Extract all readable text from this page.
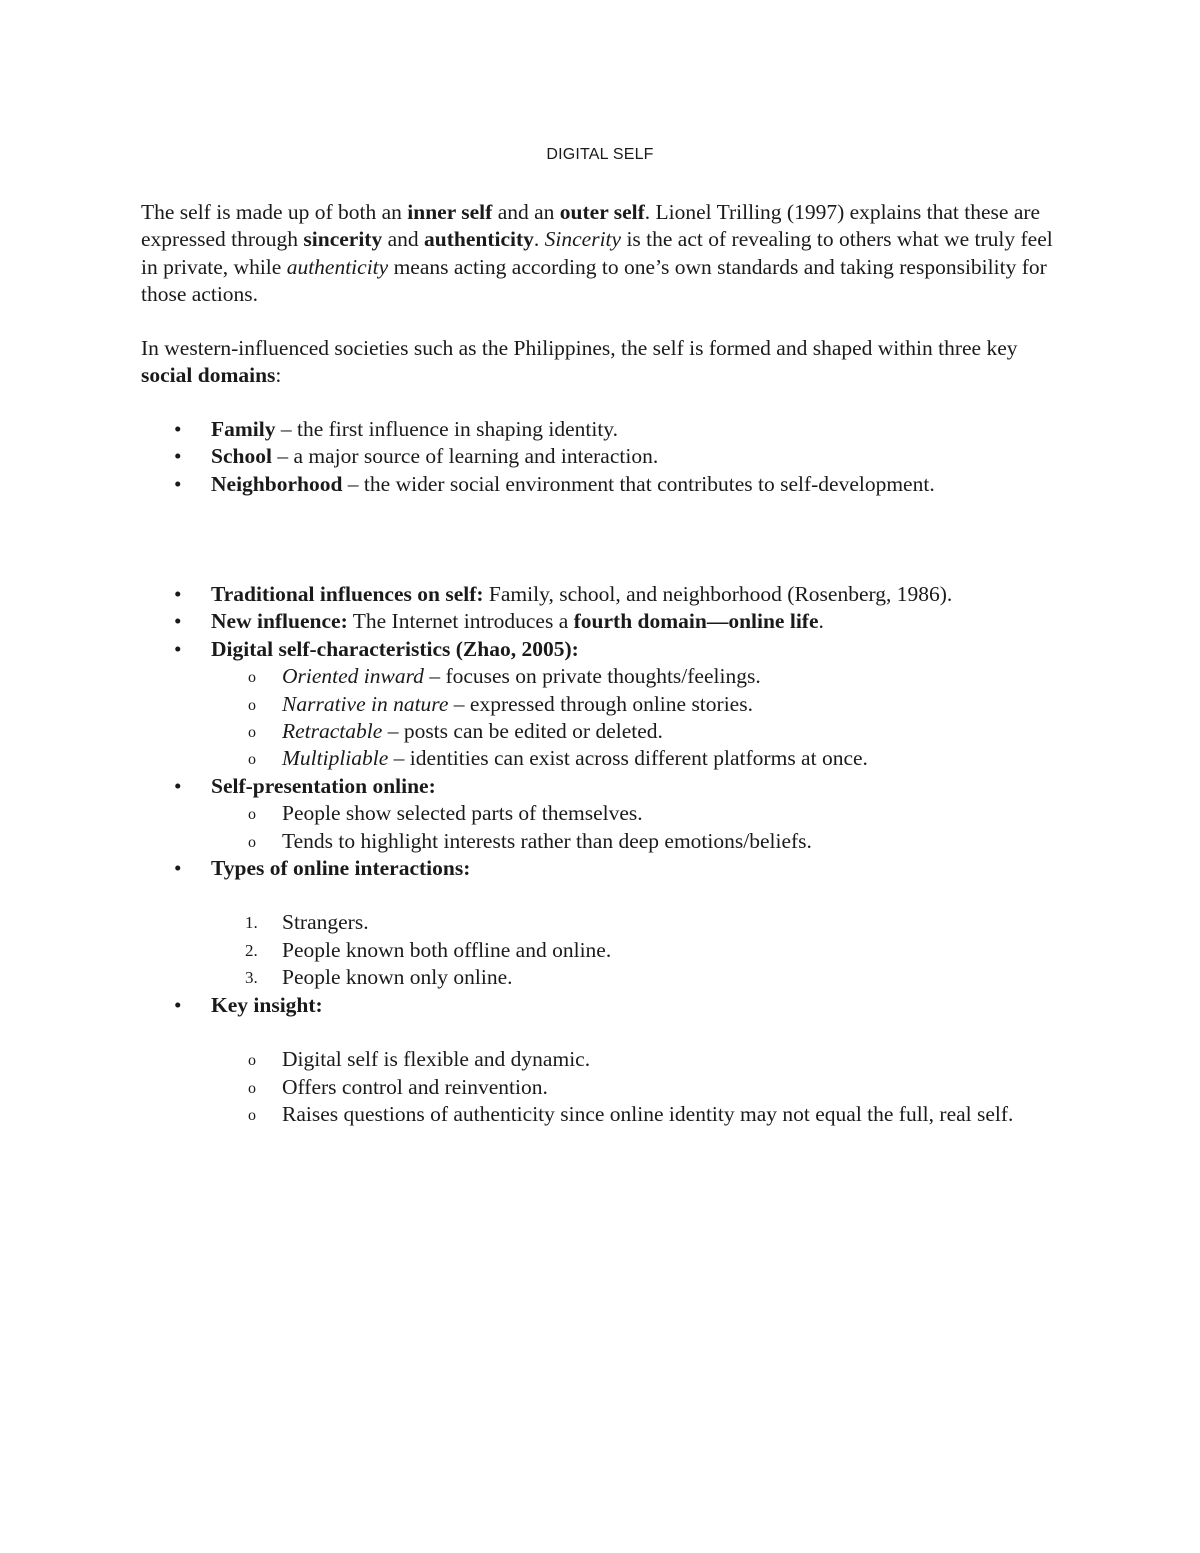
DIGITAL SELF

The self is made up of both an inner self and an outer self. Lionel Trilling (1997) explains that these are expressed through sincerity and authenticity. Sincerity is the act of revealing to others what we truly feel in private, while authenticity means acting according to one’s own standards and taking responsibility for those actions.

In western-influenced societies such as the Philippines, the self is formed and shaped within three key social domains:

•	Family – the first influence in shaping identity.
•	School – a major source of learning and interaction.
•	Neighborhood – the wider social environment that contributes to self-development.
•	Traditional influences on self: Family, school, and neighborhood (Rosenberg, 1986).
•	New influence: The Internet introduces a fourth domain—online life.
•	Digital self-characteristics (Zhao, 2005):
o Oriented inward – focuses on private thoughts/feelings.
o Narrative in nature – expressed through online stories.
o Retractable – posts can be edited or deleted.
o Multipliable – identities can exist across different platforms at once.
•	Self-presentation online:
o People show selected parts of themselves.
o Tends to highlight interests rather than deep emotions/beliefs.
•	Types of online interactions:
1. Strangers.
2. People known both offline and online.
3. People known only online.
•	Key insight:
o Digital self is flexible and dynamic.
o Offers control and reinvention.
o Raises questions of authenticity since online identity may not equal the full, real self.
